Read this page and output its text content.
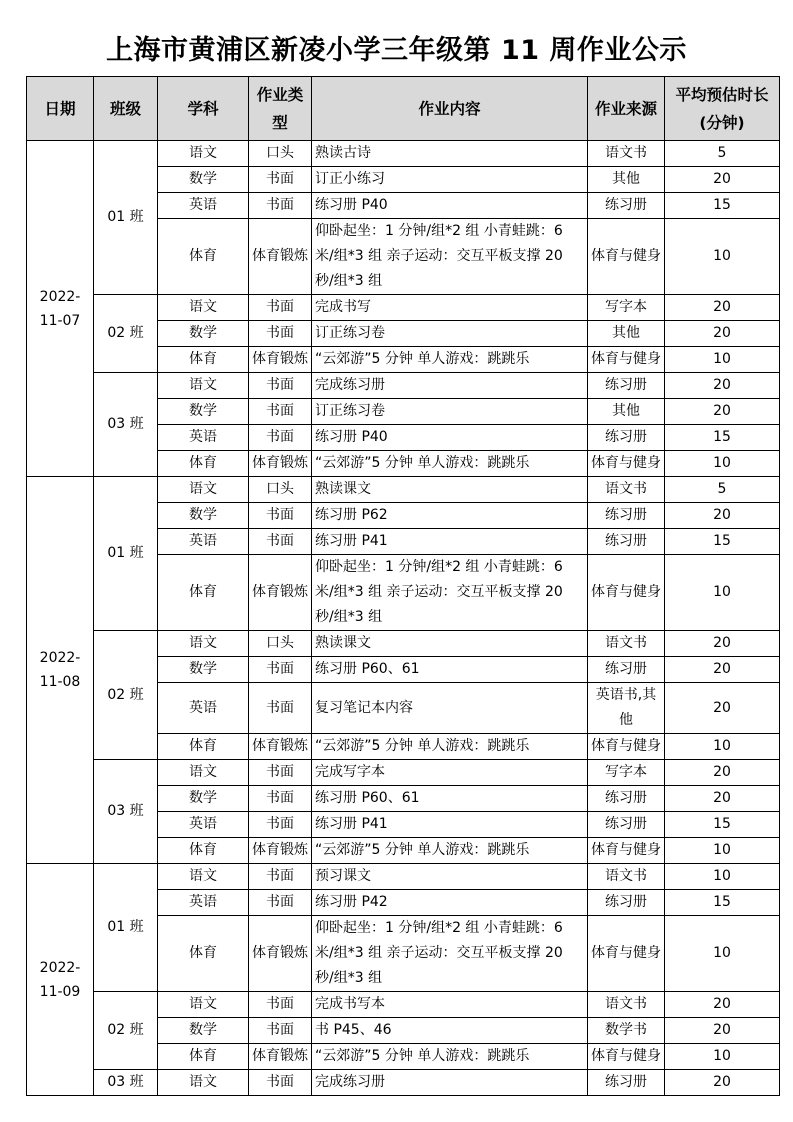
上海市黄浦区新凌小学三年级第 11 周作业公示
日期	班级	学科	作业类型	作业内容	作业来源	平均预估时长(分钟)
2022-11-07	01 班	语文	口头	熟读古诗	语文书	5
		数学	书面	订正小练习	其他	20
		英语	书面	练习册 P40	练习册	15
		体育	体育锻炼	仰卧起坐：1 分钟/组*2 组 小青蛙跳：6 米/组*3 组 亲子运动：交互平板支撑 20 秒/组*3 组	体育与健身	10
	02 班	语文	书面	完成书写	写字本	20
		数学	书面	订正练习卷	其他	20
		体育	体育锻炼	“云郊游”5 分钟 单人游戏：跳跳乐	体育与健身	10
	03 班	语文	书面	完成练习册	练习册	20
		数学	书面	订正练习卷	其他	20
		英语	书面	练习册 P40	练习册	15
		体育	体育锻炼	“云郊游”5 分钟 单人游戏：跳跳乐	体育与健身	10
2022-11-08	01 班	语文	口头	熟读课文	语文书	5
		数学	书面	练习册 P62	练习册	20
		英语	书面	练习册 P41	练习册	15
		体育	体育锻炼	仰卧起坐：1 分钟/组*2 组 小青蛙跳：6 米/组*3 组 亲子运动：交互平板支撑 20 秒/组*3 组	体育与健身	10
	02 班	语文	口头	熟读课文	语文书	20
		数学	书面	练习册 P60、61	练习册	20
		英语	书面	复习笔记本内容	英语书,其他	20
		体育	体育锻炼	“云郊游”5 分钟 单人游戏：跳跳乐	体育与健身	10
	03 班	语文	书面	完成写字本	写字本	20
		数学	书面	练习册 P60、61	练习册	20
		英语	书面	练习册 P41	练习册	15
		体育	体育锻炼	“云郊游”5 分钟 单人游戏：跳跳乐	体育与健身	10
2022-11-09	01 班	语文	书面	预习课文	语文书	10
		英语	书面	练习册 P42	练习册	15
		体育	体育锻炼	仰卧起坐：1 分钟/组*2 组 小青蛙跳：6 米/组*3 组 亲子运动：交互平板支撑 20 秒/组*3 组	体育与健身	10
	02 班	语文	书面	完成书写本	语文书	20
		数学	书面	书 P45、46	数学书	20
		体育	体育锻炼	“云郊游”5 分钟 单人游戏：跳跳乐	体育与健身	10
	03 班	语文	书面	完成练习册	练习册	20
